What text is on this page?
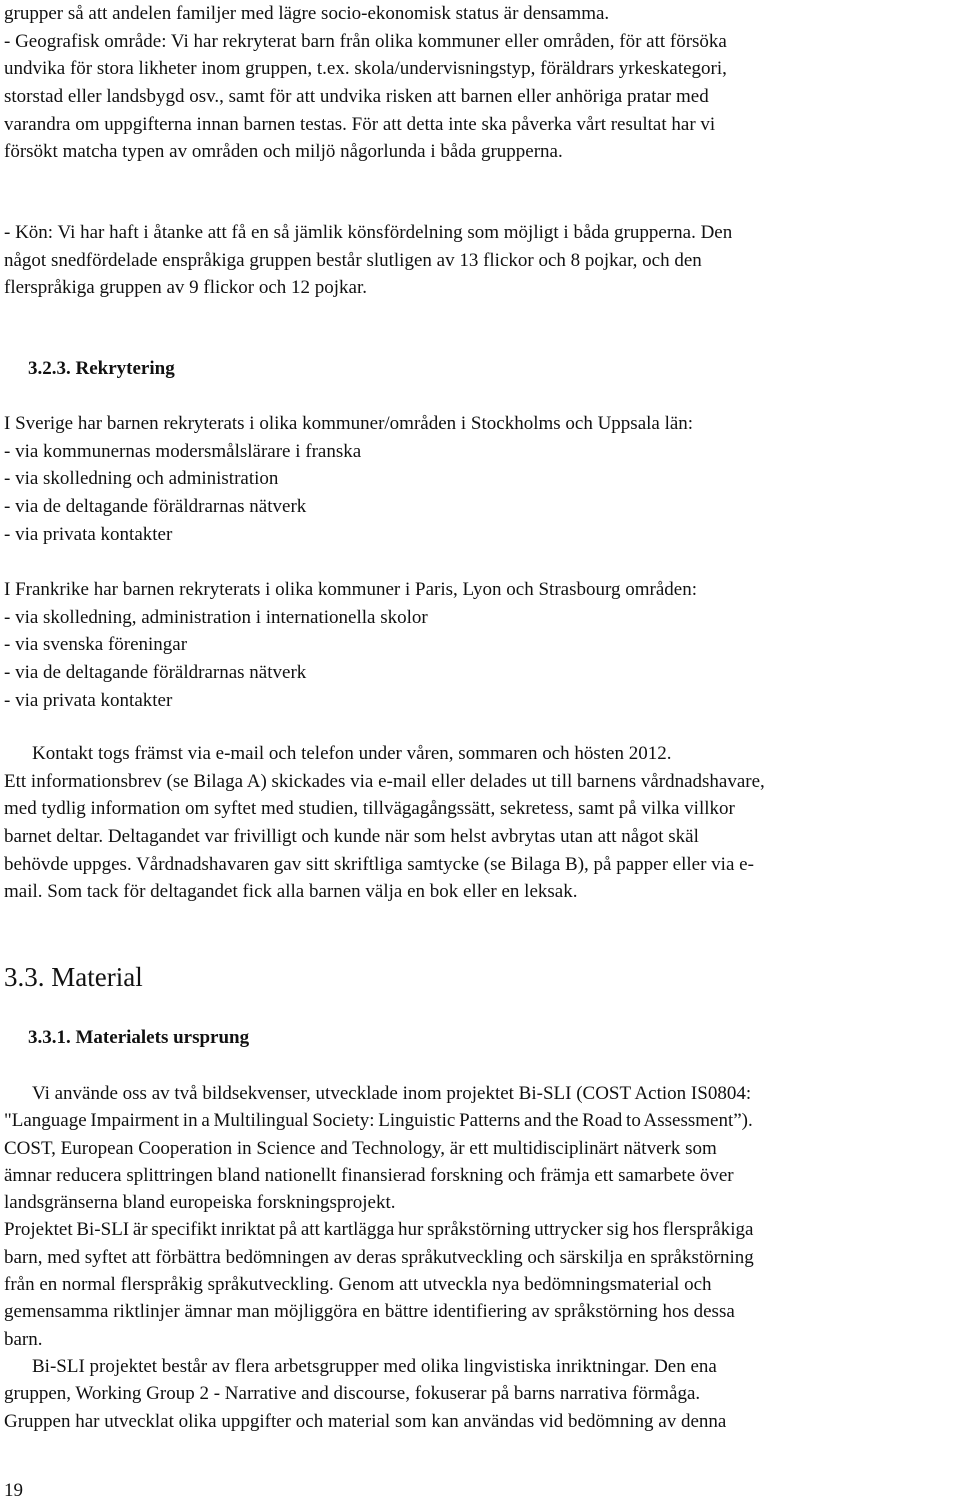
grupper så att andelen familjer med lägre socio-ekonomisk status är densamma.
- Geografisk område: Vi har rekryterat barn från olika kommuner eller områden, för att försöka
undvika för stora likheter inom gruppen, t.ex. skola/undervisningstyp, föräldrars yrkeskategori,
storstad eller landsbygd osv., samt för att undvika risken att barnen eller anhöriga pratar med
varandra om uppgifterna innan barnen testas. För att detta inte ska påverka vårt resultat har vi
försökt matcha typen av områden och miljö någorlunda i båda grupperna.
- Kön: Vi har haft i åtanke att få en så jämlik könsfördelning som möjligt i båda grupperna. Den
något snedfördelade enspråkiga gruppen består slutligen av 13 flickor och 8 pojkar, och den
flerspråkiga gruppen av 9 flickor och 12 pojkar.
3.2.3. Rekrytering
I Sverige har barnen rekryterats i olika kommuner/områden i Stockholms och Uppsala län:
- via kommunernas modersmålslärare i franska
- via skolledning och administration
- via de deltagande föräldrarnas nätverk
- via privata kontakter
I Frankrike har barnen rekryterats i olika kommuner i Paris, Lyon och Strasbourg områden:
- via skolledning, administration i internationella skolor
- via svenska föreningar
- via de deltagande föräldrarnas nätverk
- via privata kontakter
Kontakt togs främst via e-mail och telefon under våren, sommaren och hösten 2012.
Ett informationsbrev (se Bilaga A) skickades via e-mail eller delades ut till barnens vårdnadshavare,
med tydlig information om syftet med studien, tillvägagångssätt, sekretess, samt på vilka villkor
barnet deltar. Deltagandet var frivilligt och kunde när som helst avbrytas utan att något skäl
behövde uppges. Vårdnadshavaren gav sitt skriftliga samtycke (se Bilaga B), på papper eller via e-
mail. Som tack för deltagandet fick alla barnen välja en bok eller en leksak.
3.3. Material
3.3.1. Materialets ursprung
Vi använde oss av två bildsekvenser, utvecklade inom projektet Bi-SLI (COST Action IS0804:
"Language Impairment in a Multilingual Society: Linguistic Patterns and the Road to Assessment”).
COST, European Cooperation in Science and Technology, är ett multidisciplinärt nätverk som
ämnar reducera splittringen bland nationellt finansierad forskning och främja ett samarbete över
landsgränserna bland europeiska forskningsprojekt.
Projektet Bi-SLI är specifikt inriktat på att kartlägga hur språkstörning uttrycker sig hos flerspråkiga
barn, med syftet att förbättra bedömningen av deras språkutveckling och särskilja en språkstörning
från en normal flerspråkig språkutveckling. Genom att utveckla nya bedömningsmaterial och
gemensamma riktlinjer ämnar man möjliggöra en bättre identifiering av språkstörning hos dessa
barn.
Bi-SLI projektet består av flera arbetsgrupper med olika lingvistiska inriktningar. Den ena
gruppen, Working Group 2 - Narrative and discourse, fokuserar på barns narrativa förmåga.
Gruppen har utvecklat olika uppgifter och material som kan användas vid bedömning av denna
19
